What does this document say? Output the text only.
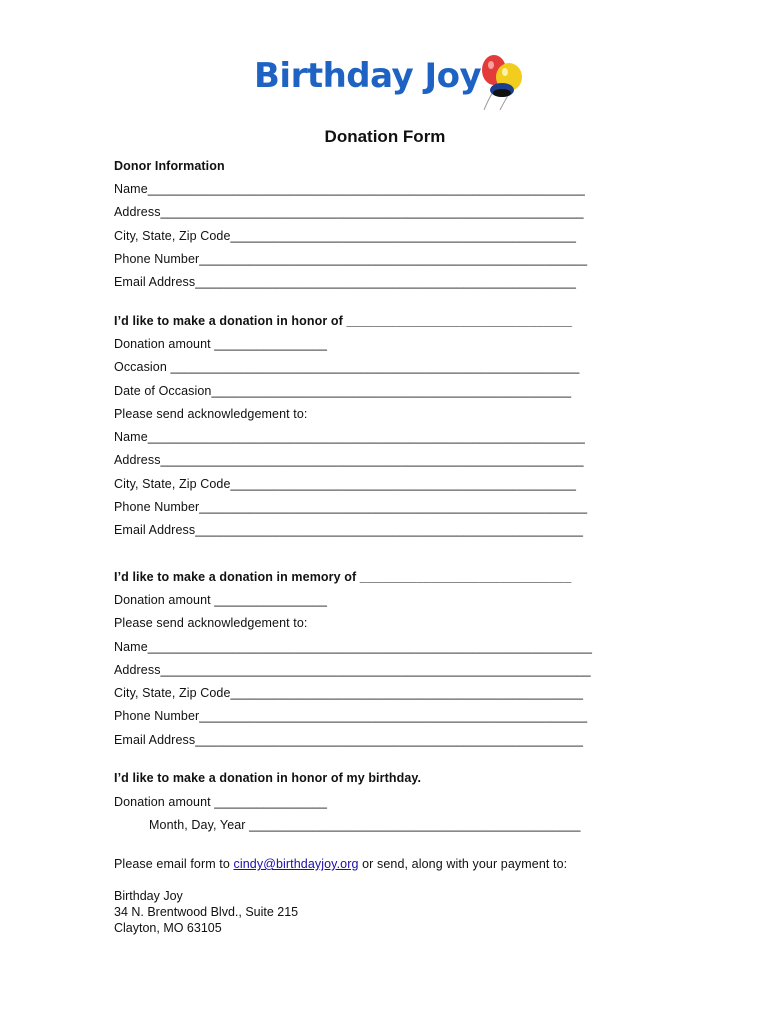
Birthday Joy
Donation Form
Donor Information
Name______________________________________________________________
Address____________________________________________________________
City, State, Zip Code_________________________________________________
Phone Number_______________________________________________________
Email Address______________________________________________________
I’d like to make a donation in honor of ________________________________
Donation amount ________________
Occasion __________________________________________________________
Date of Occasion___________________________________________________
Please send acknowledgement to:
Name______________________________________________________________
Address____________________________________________________________
City, State, Zip Code_________________________________________________
Phone Number_______________________________________________________
Email Address_______________________________________________________
I’d like to make a donation in memory of ______________________________
Donation amount ________________
Please send acknowledgement to:
Name_______________________________________________________________
Address_____________________________________________________________
City, State, Zip Code__________________________________________________
Phone Number_______________________________________________________
Email Address_______________________________________________________
I’d like to make a donation in honor of my birthday.
Donation amount ________________
Month, Day, Year _______________________________________________
Please email form to cindy@birthdayjoy.org or send, along with your payment to:
Birthday Joy
34 N. Brentwood Blvd., Suite 215
Clayton, MO 63105
